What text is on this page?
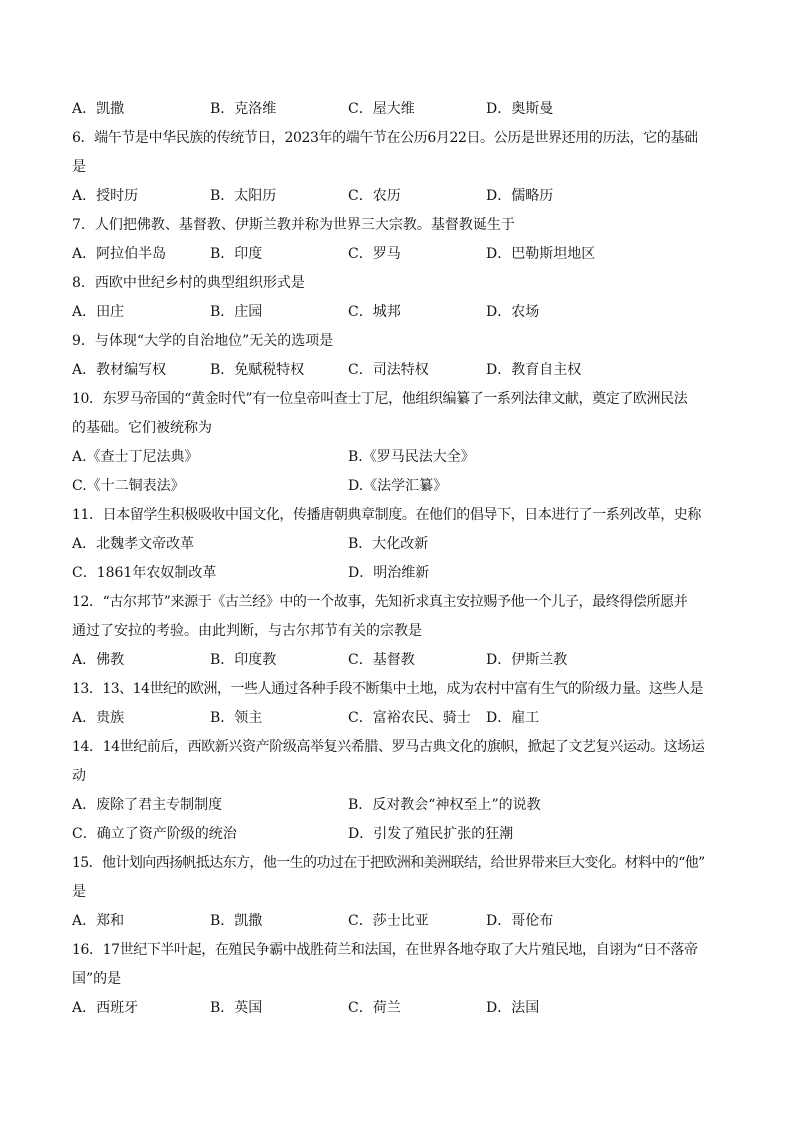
A．凯撒	B．克洛维	C．屋大维	D．奥斯曼
6．端午节是中华民族的传统节日，2023年的端午节在公历6月22日。公历是世界还用的历法，它的基础
是
A．授时历	B．太阳历	C．农历	D．儒略历
7．人们把佛教、基督教、伊斯兰教并称为世界三大宗教。基督教诞生于
A．阿拉伯半岛	B．印度	C．罗马	D．巴勒斯坦地区
8．西欧中世纪乡村的典型组织形式是
A．田庄	B．庄园	C．城邦	D．农场
9．与体现“大学的自治地位”无关的选项是
A．教材编写权	B．免赋税特权	C．司法特权	D．教育自主权
10．东罗马帝国的“黄金时代”有一位皇帝叫查士丁尼，他组织编纂了一系列法律文献，奠定了欧洲民法
的基础。它们被统称为
A.《查士丁尼法典》	B.《罗马民法大全》
C.《十二铜表法》	D.《法学汇纂》
11．日本留学生积极吸收中国文化，传播唐朝典章制度。在他们的倡导下，日本进行了一系列改革，史称
A．北魏孝文帝改革	B．大化改新
C．1861年农奴制改革	D．明治维新
12．“古尔邦节”来源于《古兰经》中的一个故事，先知祈求真主安拉赐予他一个儿子，最终得偿所愿并
通过了安拉的考验。由此判断，与古尔邦节有关的宗教是
A．佛教	B．印度教	C．基督教	D．伊斯兰教
13．13、14世纪的欧洲，一些人通过各种手段不断集中土地，成为农村中富有生气的阶级力量。这些人是
A．贵族	B．领主	C．富裕农民、骑士 D．雇工
14．14世纪前后，西欧新兴资产阶级高举复兴希腊、罗马古典文化的旗帜，掀起了文艺复兴运动。这场运
动
A．废除了君主专制制度	B．反对教会“神权至上”的说教
C．确立了资产阶级的统治	D．引发了殖民扩张的狂潮
15．他计划向西扬帆抵达东方，他一生的功过在于把欧洲和美洲联结，给世界带来巨大变化。材料中的“他”
是
A．郑和	B．凯撒	C．莎士比亚	D．哥伦布
16．17世纪下半叶起，在殖民争霸中战胜荷兰和法国，在世界各地夺取了大片殖民地，自诩为“日不落帝
国”的是
A．西班牙	B．英国	C．荷兰	D．法国
